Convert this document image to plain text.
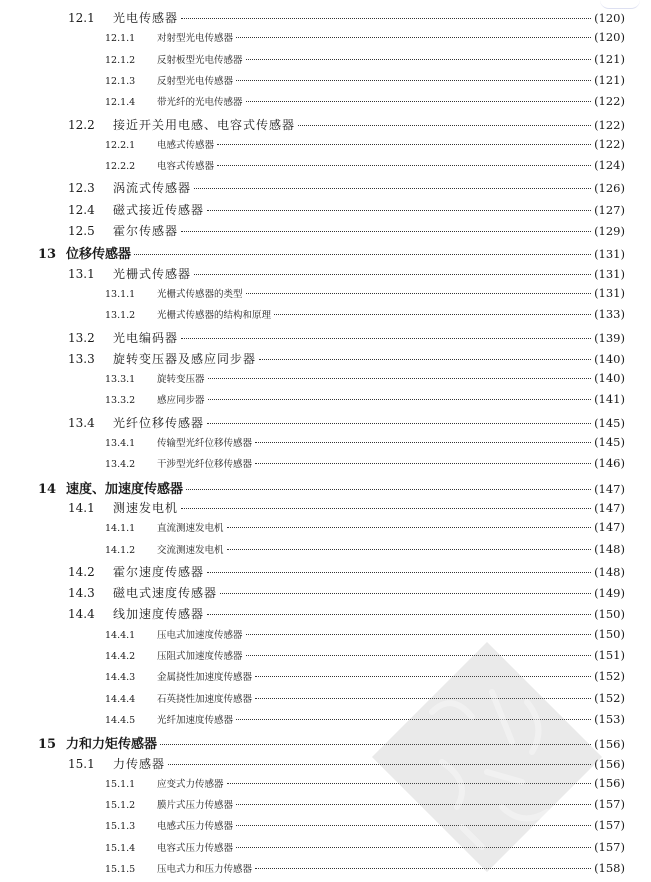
12.1	光电传感器	(120)
12.1.1	对射型光电传感器	(120)
12.1.2	反射板型光电传感器	(121)
12.1.3	反射型光电传感器	(121)
12.1.4	带光纤的光电传感器	(122)
12.2	接近开关用电感、电容式传感器	(122)
12.2.1	电感式传感器	(122)
12.2.2	电容式传感器	(124)
12.3	涡流式传感器	(126)
12.4	磁式接近传感器	(127)
12.5	霍尔传感器	(129)
13 位移传感器	(131)
13.1	光栅式传感器	(131)
13.1.1	光栅式传感器的类型	(131)
13.1.2	光栅式传感器的结构和原理	(133)
13.2	光电编码器	(139)
13.3	旋转变压器及感应同步器	(140)
13.3.1	旋转变压器	(140)
13.3.2	感应同步器	(141)
13.4	光纤位移传感器	(145)
13.4.1	传输型光纤位移传感器	(145)
13.4.2	干涉型光纤位移传感器	(146)
14 速度、加速度传感器	(147)
14.1	测速发电机	(147)
14.1.1	直流测速发电机	(147)
14.1.2	交流测速发电机	(148)
14.2	霍尔速度传感器	(148)
14.3	磁电式速度传感器	(149)
14.4	线加速度传感器	(150)
14.4.1	压电式加速度传感器	(150)
14.4.2	压阻式加速度传感器	(151)
14.4.3	金属挠性加速度传感器	(152)
14.4.4	石英挠性加速度传感器	(152)
14.4.5	光纤加速度传感器	(153)
15 力和力矩传感器	(156)
15.1	力传感器	(156)
15.1.1	应变式力传感器	(156)
15.1.2	膜片式压力传感器	(157)
15.1.3	电感式压力传感器	(157)
15.1.4	电容式压力传感器	(157)
15.1.5	压电式力和压力传感器	(158)
